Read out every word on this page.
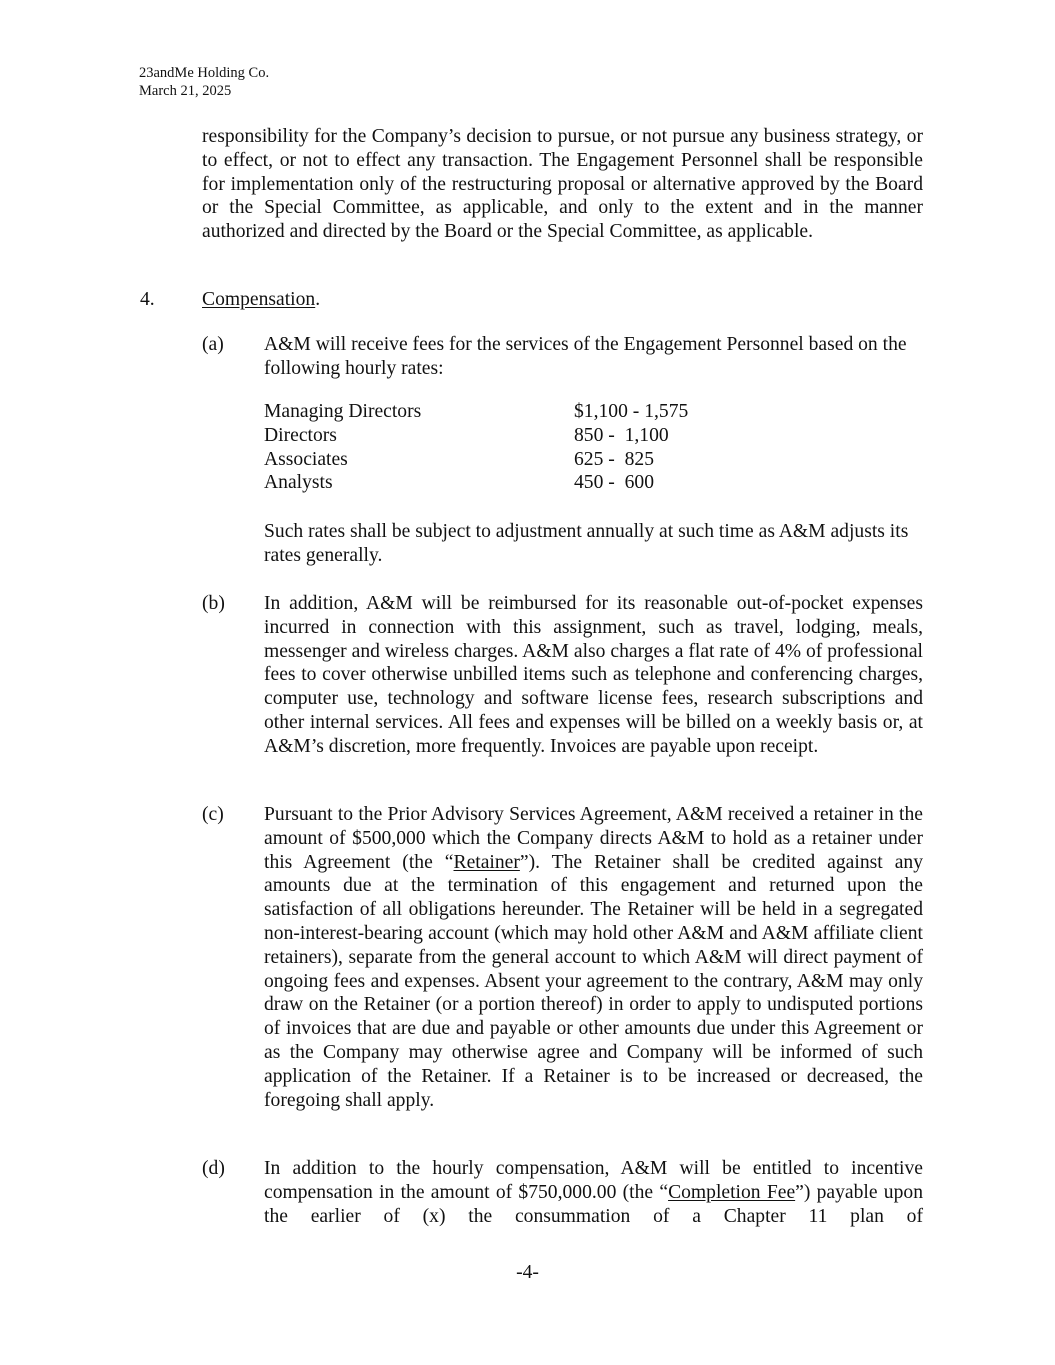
23andMe Holding Co.
March 21, 2025
responsibility for the Company’s decision to pursue, or not pursue any business strategy, or to effect, or not to effect any transaction. The Engagement Personnel shall be responsible for implementation only of the restructuring proposal or alternative approved by the Board or the Special Committee, as applicable, and only to the extent and in the manner authorized and directed by the Board or the Special Committee, as applicable.
4. Compensation.
(a) A&M will receive fees for the services of the Engagement Personnel based on the following hourly rates:
Managing Directors	$1,100 - 1,575
Directors	850 -  1,100
Associates	625 -  825
Analysts	450 -  600
Such rates shall be subject to adjustment annually at such time as A&M adjusts its rates generally.
(b) In addition, A&M will be reimbursed for its reasonable out-of-pocket expenses incurred in connection with this assignment, such as travel, lodging, meals, messenger and wireless charges. A&M also charges a flat rate of 4% of professional fees to cover otherwise unbilled items such as telephone and conferencing charges, computer use, technology and software license fees, research subscriptions and other internal services. All fees and expenses will be billed on a weekly basis or, at A&M’s discretion, more frequently. Invoices are payable upon receipt.
(c) Pursuant to the Prior Advisory Services Agreement, A&M received a retainer in the amount of $500,000 which the Company directs A&M to hold as a retainer under this Agreement (the “Retainer”). The Retainer shall be credited against any amounts due at the termination of this engagement and returned upon the satisfaction of all obligations hereunder. The Retainer will be held in a segregated non-interest-bearing account (which may hold other A&M and A&M affiliate client retainers), separate from the general account to which A&M will direct payment of ongoing fees and expenses. Absent your agreement to the contrary, A&M may only draw on the Retainer (or a portion thereof) in order to apply to undisputed portions of invoices that are due and payable or other amounts due under this Agreement or as the Company may otherwise agree and Company will be informed of such application of the Retainer. If a Retainer is to be increased or decreased, the foregoing shall apply.
(d) In addition to the hourly compensation, A&M will be entitled to incentive compensation in the amount of $750,000.00 (the “Completion Fee”) payable upon the earlier of (x) the consummation of a Chapter 11 plan of
-4-
